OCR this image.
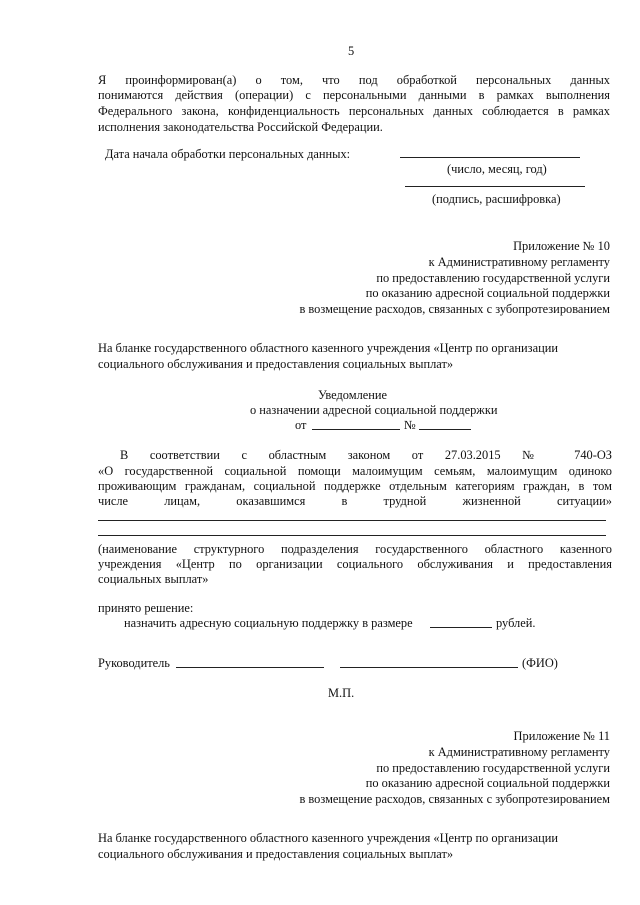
5
Я проинформирован(а) о том, что под обработкой персональных данных
понимаются действия (операции) с персональными данными в рамках выполнения
Федерального закона, конфиденциальность персональных данных соблюдается в рамках
исполнения законодательства Российской Федерации.
Дата начала обработки персональных данных:
(число, месяц, год)
(подпись, расшифровка)
Приложение № 10
к Административному регламенту
по предоставлению государственной услуги
по оказанию адресной социальной поддержки
в возмещение расходов, связанных с зубопротезированием
На бланке государственного областного казенного учреждения «Центр по организации
социального обслуживания и предоставления социальных выплат»
Уведомление
о назначении адресной социальной поддержки
от	№
В соответствии с областным законом от 27.03.2015 № 740-ОЗ
«О государственной социальной помощи малоимущим семьям, малоимущим одиноко
проживающим гражданам, социальной поддержке отдельным категориям граждан, в том
числе лицам, оказавшимся в трудной жизненной ситуации»
(наименование структурного подразделения государственного областного казенного
учреждения «Центр по организации социального обслуживания и предоставления
социальных выплат»
принято решение:
назначить адресную социальную поддержку в размере	рублей.
Руководитель	(ФИО)
М.П.
Приложение № 11
к Административному регламенту
по предоставлению государственной услуги
по оказанию адресной социальной поддержки
в возмещение расходов, связанных с зубопротезированием
На бланке государственного областного казенного учреждения «Центр по организации
социального обслуживания и предоставления социальных выплат»
